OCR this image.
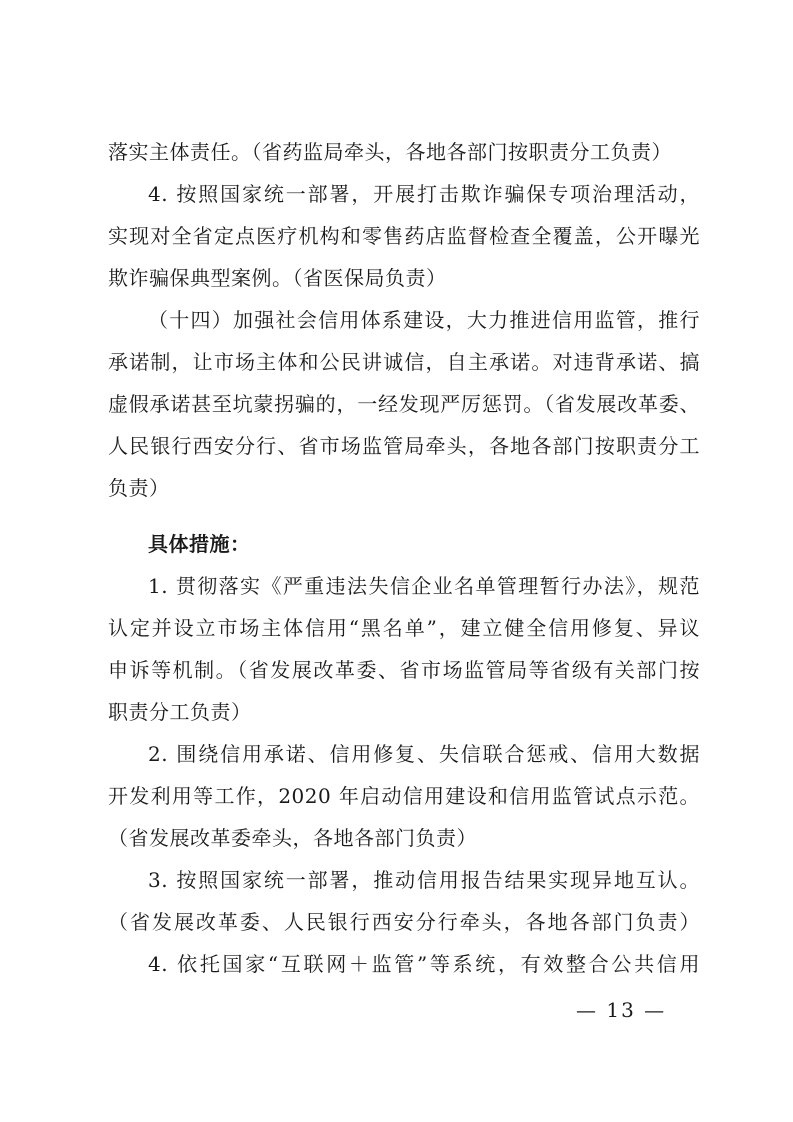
落实主体责任。（省药监局牵头，各地各部门按职责分工负责）
4. 按照国家统一部署，开展打击欺诈骗保专项治理活动，
实现对全省定点医疗机构和零售药店监督检查全覆盖，公开曝光
欺诈骗保典型案例。（省医保局负责）
（十四）加强社会信用体系建设，大力推进信用监管，推行
承诺制，让市场主体和公民讲诚信，自主承诺。对违背承诺、搞
虚假承诺甚至坑蒙拐骗的，一经发现严厉惩罚。（省发展改革委、
人民银行西安分行、省市场监管局牵头，各地各部门按职责分工
负责）
具体措施：
1. 贯彻落实《严重违法失信企业名单管理暂行办法》，规范
认定并设立市场主体信用“黑名单”，建立健全信用修复、异议
申诉等机制。（省发展改革委、省市场监管局等省级有关部门按
职责分工负责）
2. 围绕信用承诺、信用修复、失信联合惩戒、信用大数据
开发利用等工作，2020 年启动信用建设和信用监管试点示范。
（省发展改革委牵头，各地各部门负责）
3. 按照国家统一部署，推动信用报告结果实现异地互认。
（省发展改革委、人民银行西安分行牵头，各地各部门负责）
4. 依托国家“互联网＋监管”等系统，有效整合公共信用
— 13 —
